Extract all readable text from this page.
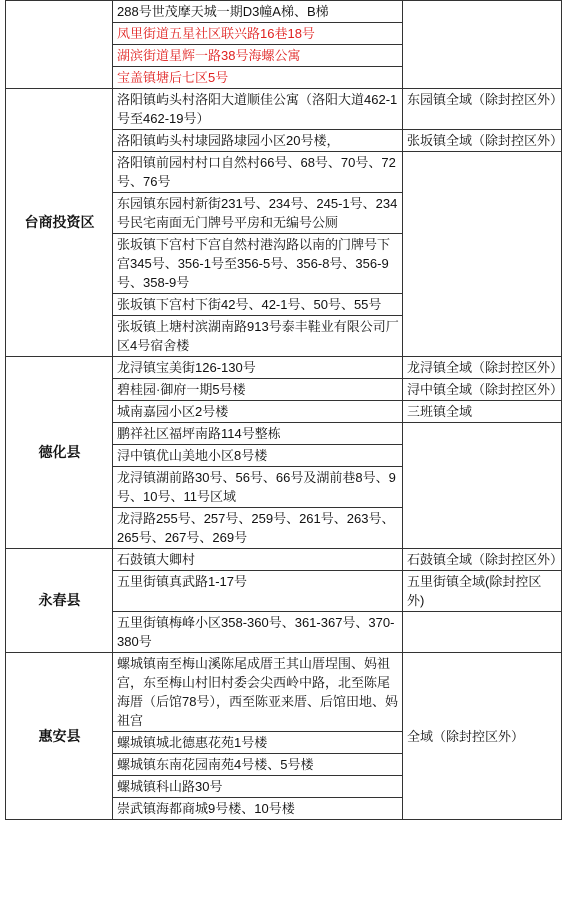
	288号世茂摩天城一期D3幢A梯、B梯	
	凤里街道五星社区联兴路16巷18号	
	湖滨街道星辉一路38号海螺公寓	
	宝盖镇塘后七区5号	
台商投资区	洛阳镇屿头村洛阳大道顺佳公寓（洛阳大道462-1号至462-19号）	东园镇全域（除封控区外）
	洛阳镇屿头村埭园路埭园小区20号楼，	张坂镇全域（除封控区外）
	洛阳镇前园村村口自然村66号、68号、70号、72号、76号	
	东园镇东园村新街231号、234号、245-1号、234号民宅南面无门牌号平房和无编号公厕	
	张坂镇下宫村下宫自然村港沟路以南的门牌号下宫345号、356-1号至356-5号、356-8号、356-9号、358-9号	
	张坂镇下宫村下街42号、42-1号、50号、55号	
	张坂镇上塘村滨湖南路913号泰丰鞋业有限公司厂区4号宿舍楼	
德化县	龙浔镇宝美街126-130号	龙浔镇全域（除封控区外）
	碧桂园·御府一期5号楼	浔中镇全域（除封控区外）
	城南嘉园小区2号楼	三班镇全域
	鹏祥社区福坪南路114号整栋	
	浔中镇优山美地小区8号楼	
	龙浔镇湖前路30号、56号、66号及湖前巷8号、9号、10号、11号区域	
	龙浔路255号、257号、259号、261号、263号、265号、267号、269号	
永春县	石鼓镇大卿村	石鼓镇全域（除封控区外）
	五里街镇真武路1-17号	五里街镇全域(除封控区外)
	五里街镇梅峰小区358-360号、361-367号、370-380号	
惠安县	螺城镇南至梅山溪陈尾成厝王其山厝埕围、妈祖宫，东至梅山村旧村委会尖西岭中路，北至陈尾海厝（后馆78号），西至陈亚来厝、后馆田地、妈祖宫	全域（除封控区外）
	螺城镇城北德惠花苑1号楼	
	螺城镇东南花园南苑4号楼、5号楼	
	螺城镇科山路30号	
	崇武镇海都商城9号楼、10号楼	
